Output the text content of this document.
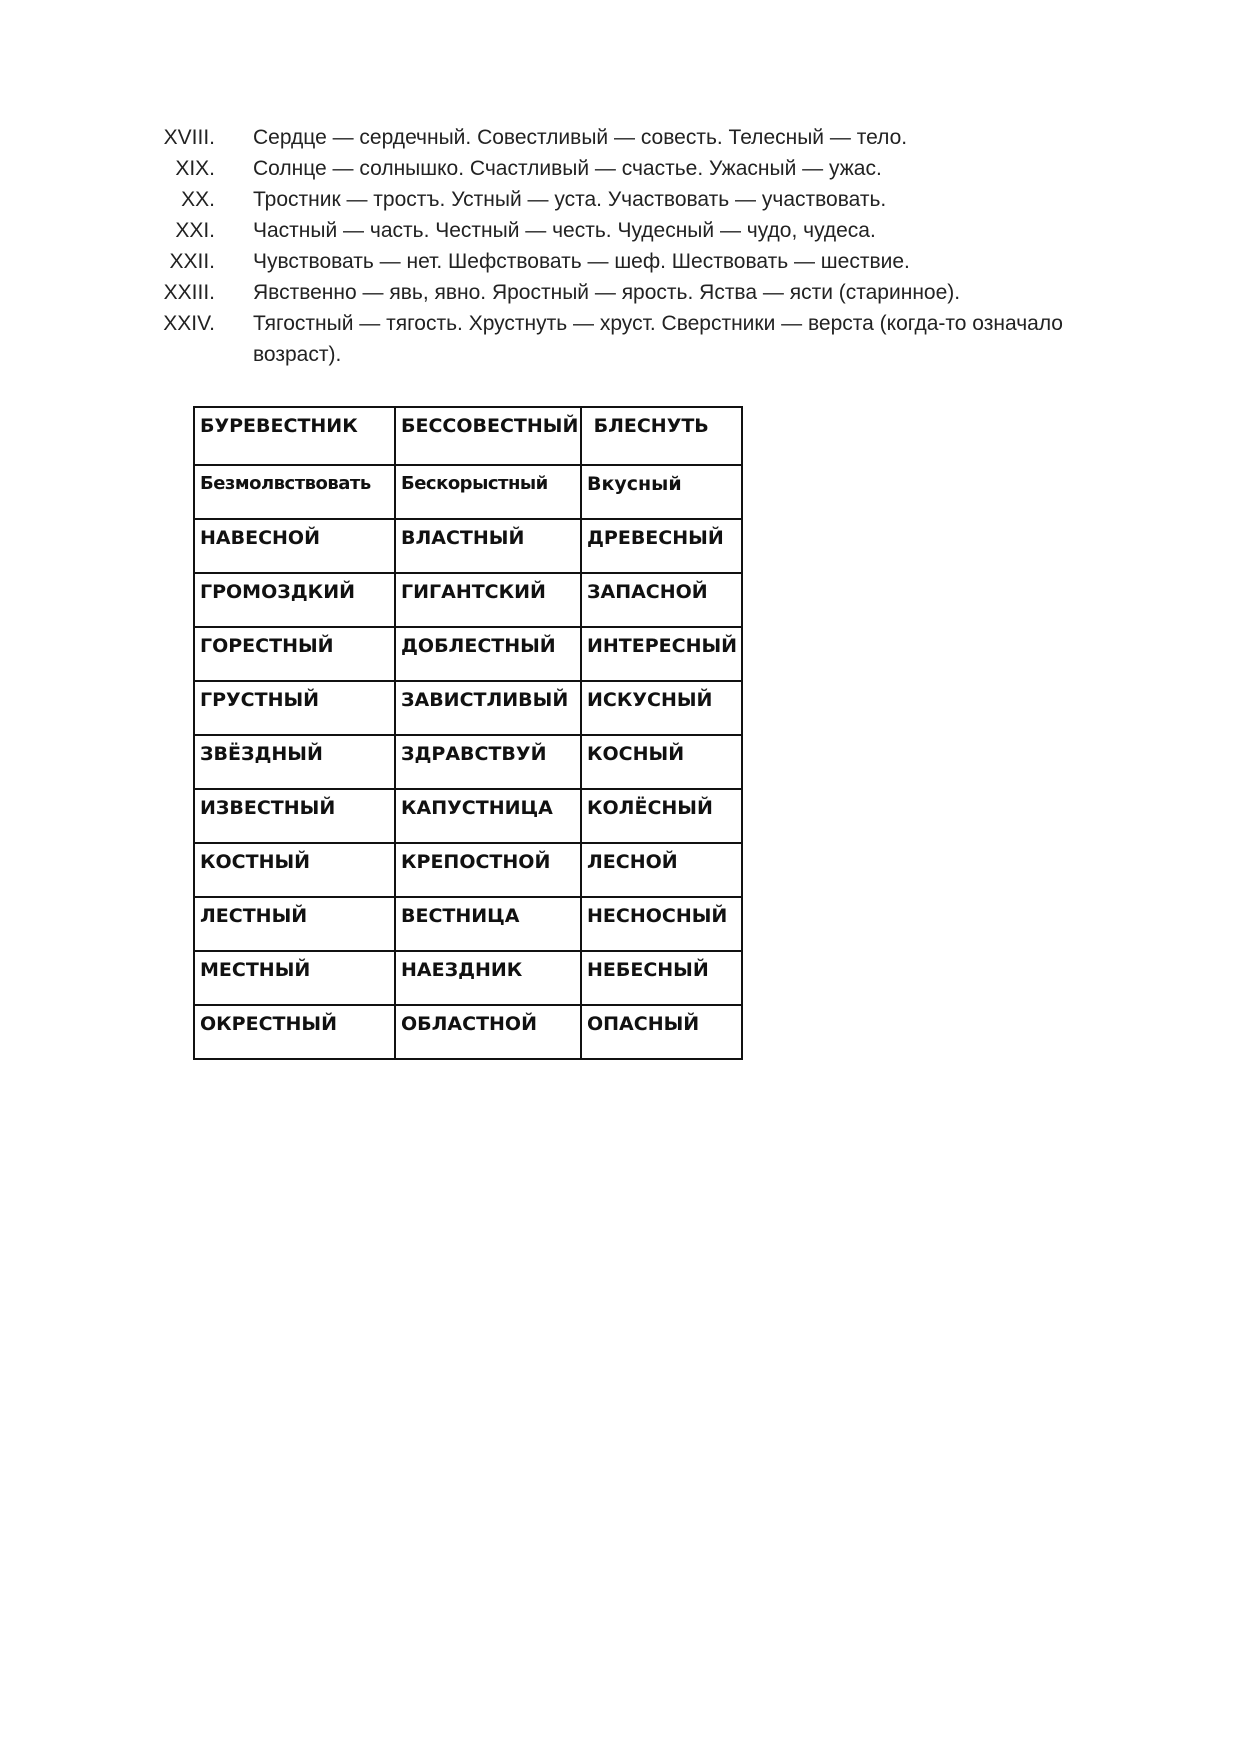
XVIII.	Сердце — сердечный. Совестливый — совесть. Телесный — тело.
XIX.	Солнце — солнышко. Счастливый — счастье. Ужасный — ужас.
XX.	Тростник — тростъ. Устный — уста. Участвовать — участвовать.
XXI.	Частный — часть. Честный — честь. Чудесный — чудо, чудеса.
XXII.	Чувствовать — нет. Шефствовать — шеф. Шествовать — шествие.
XXIII.	Явственно — явь, явно. Яростный — ярость. Яства — ясти (старинное).
XXIV.	Тягостный — тягость. Хрустнуть — хруст. Сверстники — верста (когда-то означало возраст).
БУРЕВЕСТНИК	БЕССОВЕСТНЫЙ	БЛЕСНУТЬ
Безмолвствовать	Бескорыстный	Вкусный
НАВЕСНОЙ	ВЛАСТНЫЙ	ДРЕВЕСНЫЙ
ГРОМОЗДКИЙ	ГИГАНТСКИЙ	ЗАПАСНОЙ
ГОРЕСТНЫЙ	ДОБЛЕСТНЫЙ	ИНТЕРЕСНЫЙ
ГРУСТНЫЙ	ЗАВИСТЛИВЫЙ	ИСКУСНЫЙ
ЗВЁЗДНЫЙ	ЗДРАВСТВУЙ	КОСНЫЙ
ИЗВЕСТНЫЙ	КАПУСТНИЦА	КОЛЁСНЫЙ
КОСТНЫЙ	КРЕПОСТНОЙ	ЛЕСНОЙ
ЛЕСТНЫЙ	ВЕСТНИЦА	НЕСНОСНЫЙ
МЕСТНЫЙ	НАЕЗДНИК	НЕБЕСНЫЙ
ОКРЕСТНЫЙ	ОБЛАСТНОЙ	ОПАСНЫЙ
